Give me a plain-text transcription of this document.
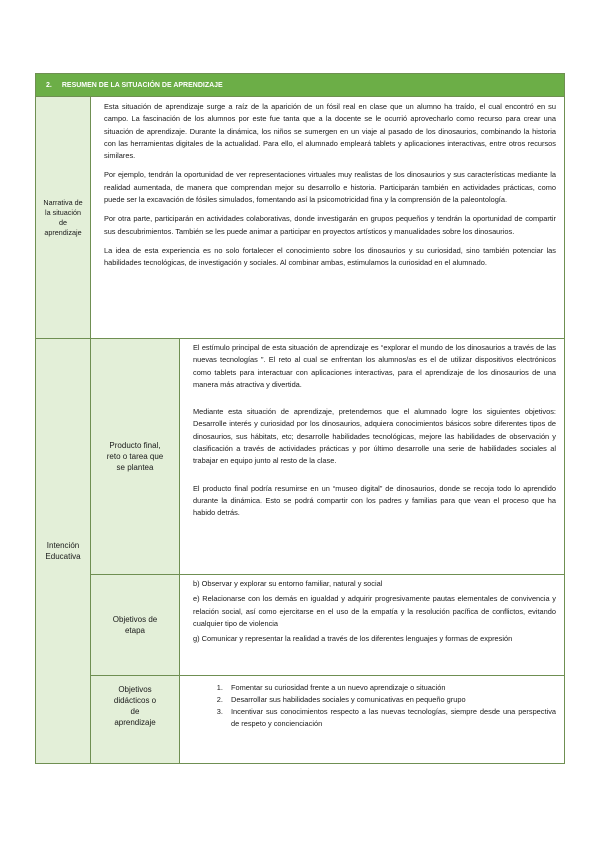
2. RESUMEN DE LA SITUACIÓN DE APRENDIZAJE
Narrativa de la situación de aprendizaje

Esta situación de aprendizaje surge a raíz de la aparición de un fósil real en clase que un alumno ha traído, el cual encontró en su campo. La fascinación de los alumnos por este fue tanta que a la docente se le ocurrió aprovecharlo como recurso para crear una situación de aprendizaje. Durante la dinámica, los niños se sumergen en un viaje al pasado de los dinosaurios, combinando la historia con las herramientas digitales de la actualidad. Para ello, el alumnado empleará tablets y aplicaciones interactivas, entre otros recursos similares.

Por ejemplo, tendrán la oportunidad de ver representaciones virtuales muy realistas de los dinosaurios y sus características mediante la realidad aumentada, de manera que comprendan mejor su desarrollo e historia. Participarán también en actividades prácticas, como puede ser la excavación de fósiles simulados, fomentando así la psicomotricidad fina y la comprensión de la paleontología.

Por otra parte, participarán en actividades colaborativas, donde investigarán en grupos pequeños y tendrán la oportunidad de compartir sus descubrimientos. También se les puede animar a participar en proyectos artísticos y manualidades sobre los dinosaurios.

La idea de esta experiencia es no solo fortalecer el conocimiento sobre los dinosaurios y su curiosidad, sino también potenciar las habilidades tecnológicas, de investigación y sociales. Al combinar ambas, estimulamos la curiosidad en el alumnado.

Intención Educativa
Producto final, reto o tarea que se plantea

El estímulo principal de esta situación de aprendizaje es “explorar el mundo de los dinosaurios a través de las nuevas tecnologías ”. El reto al cual se enfrentan los alumnos/as es el de utilizar dispositivos electrónicos como tablets para interactuar con aplicaciones interactivas, para el aprendizaje de los dinosaurios de una manera más atractiva y divertida.

Mediante esta situación de aprendizaje, pretendemos que el alumnado logre los siguientes objetivos: Desarrolle interés y curiosidad por los dinosaurios, adquiera conocimientos básicos sobre diferentes tipos de dinosaurios, sus hábitats, etc; desarrolle habilidades tecnológicas, mejore las habilidades de observación y clasificación a través de actividades prácticas y por último desarrolle una serie de habilidades sociales al trabajar en equipo junto al resto de la clase.

El producto final podría resumirse en un “museo digital” de dinosaurios, donde se recoja todo lo aprendido durante la dinámica. Esto se podrá compartir con los padres y familias para que vean el proceso que ha habido detrás.

Objetivos de etapa

b) Observar y explorar su entorno familiar, natural y social

e) Relacionarse con los demás en igualdad y adquirir progresivamente pautas elementales de convivencia y relación social, así como ejercitarse en el uso de la empatía y la resolución pacífica de conflictos, evitando cualquier tipo de violencia

g) Comunicar y representar la realidad a través de los diferentes lenguajes y formas de expresión

Objetivos didácticos o de aprendizaje
1. Fomentar su curiosidad frente a un nuevo aprendizaje o situación
2. Desarrollar sus habilidades sociales y comunicativas en pequeño grupo
3. Incentivar sus conocimientos respecto a las nuevas tecnologías, siempre desde una perspectiva de respeto y concienciación
